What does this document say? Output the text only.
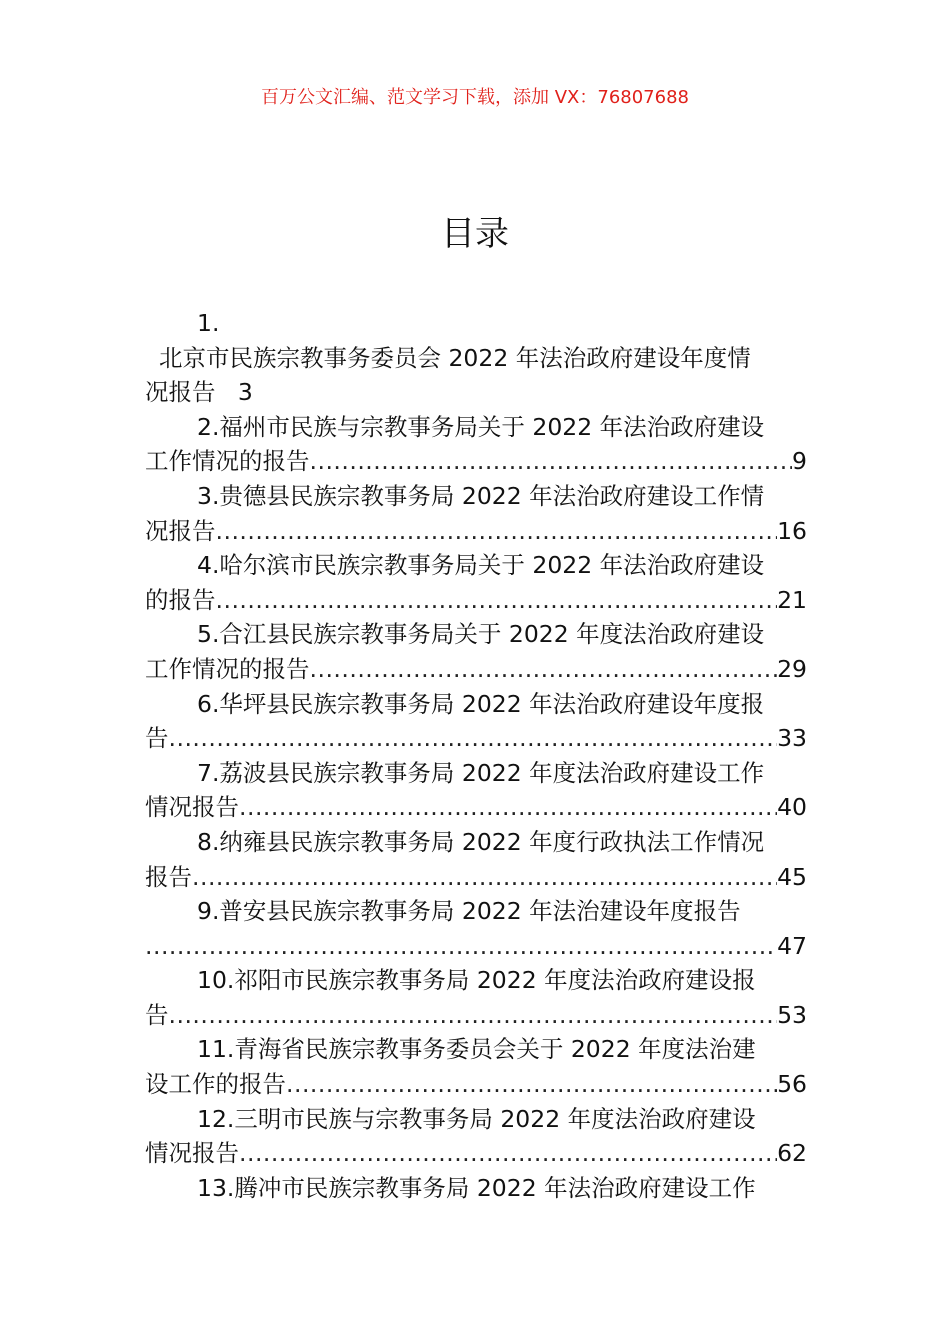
百万公文汇编、范文学习下载，添加 VX：76807688
目录
1.
北京市民族宗教事务委员会 2022 年法治政府建设年度情
况报告 3
2.福州市民族与宗教事务局关于 2022 年法治政府建设
工作情况的报告 .....	9
3.贵德县民族宗教事务局 2022 年法治政府建设工作情
况报告 .....	16
4.哈尔滨市民族宗教事务局关于 2022 年法治政府建设
的报告 .....	21
5.合江县民族宗教事务局关于 2022 年度法治政府建设
工作情况的报告 .....	29
6.华坪县民族宗教事务局 2022 年法治政府建设年度报
告 .....	33
7.荔波县民族宗教事务局 2022 年度法治政府建设工作
情况报告 .....	40
8.纳雍县民族宗教事务局 2022 年度行政执法工作情况
报告 .....	45
9.普安县民族宗教事务局 2022 年法治建设年度报告
.....
47
10.祁阳市民族宗教事务局 2022 年度法治政府建设报
告 .....	53
11.青海省民族宗教事务委员会关于 2022 年度法治建
设工作的报告 .....	56
12.三明市民族与宗教事务局 2022 年度法治政府建设
情况报告 .....	62
13.腾冲市民族宗教事务局 2022 年法治政府建设工作
